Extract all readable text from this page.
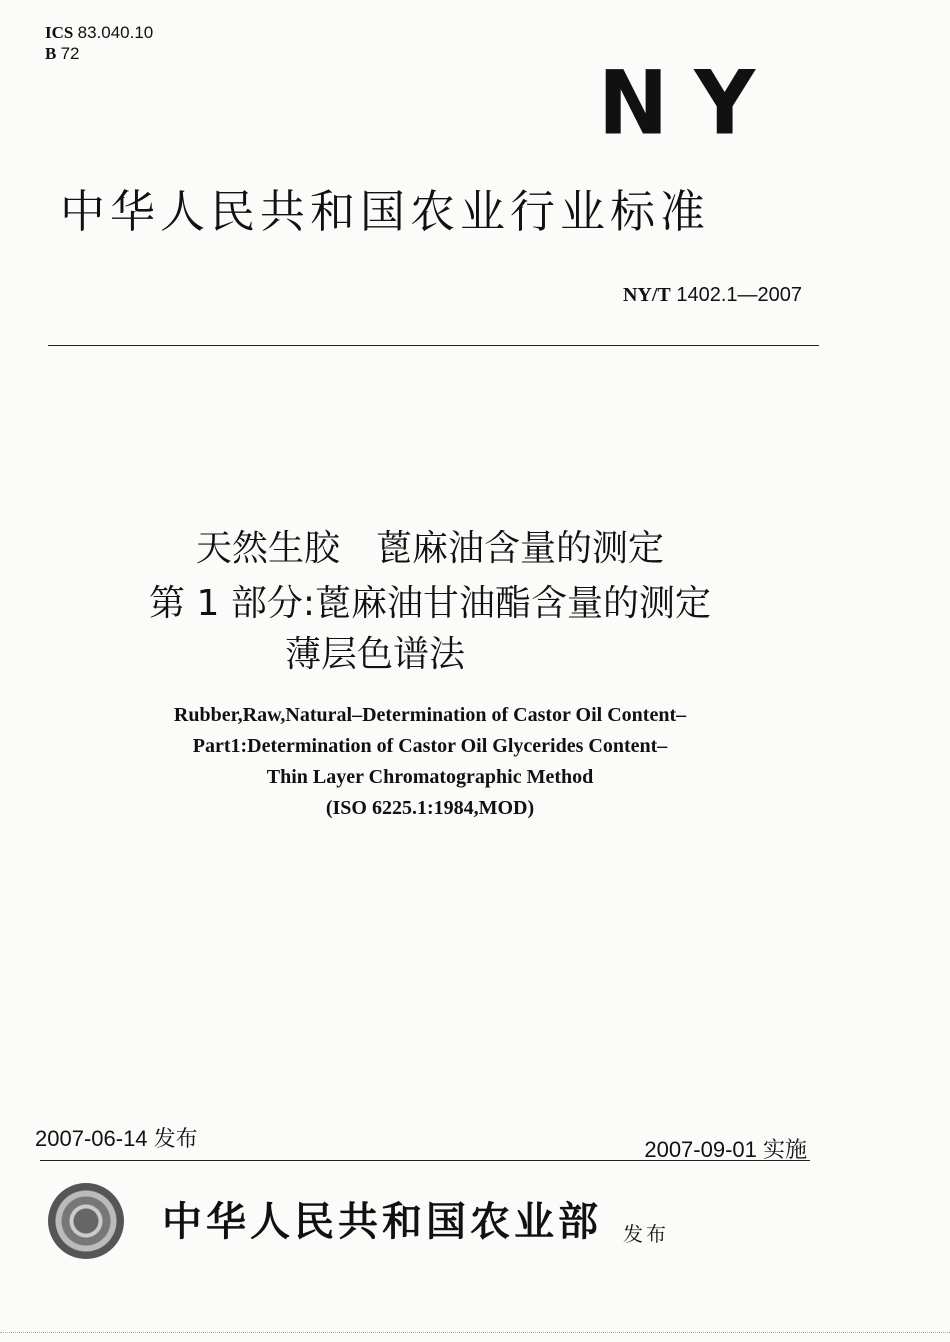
ICS 83.040.10
B 72	NY
中华人民共和国农业行业标准
NY/T 1402.1—2007
天然生胶　蓖麻油含量的测定
第 1 部分:蓖麻油甘油酯含量的测定
薄层色谱法
Rubber,Raw,Natural–Determination of Castor Oil Content–
Part1:Determination of Castor Oil Glycerides Content–
Thin Layer Chromatographic Method
(ISO 6225.1:1984,MOD)
2007-06-14 发布	2007-09-01 实施
中华人民共和国农业部 发布
